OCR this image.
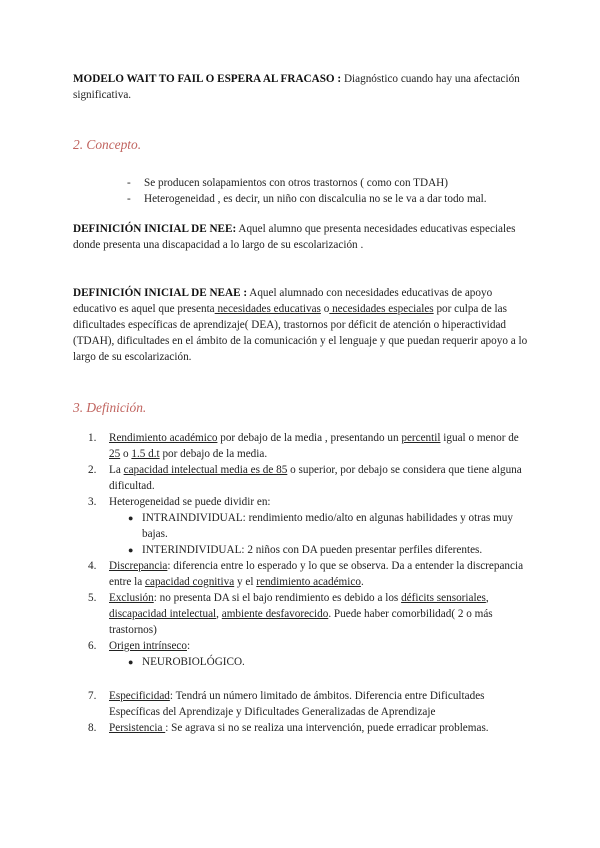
MODELO WAIT TO FAIL O ESPERA AL FRACASO : Diagnóstico cuando hay una afectación significativa.
2. Concepto.
- Se producen solapamientos con otros trastornos ( como con TDAH)
- Heterogeneidad , es decir, un niño con discalculia no se le va a dar todo mal.
DEFINICIÓN INICIAL DE NEE: Aquel alumno que presenta necesidades educativas especiales donde presenta una discapacidad a lo largo de su escolarización .
DEFINICIÓN INICIAL DE NEAE : Aquel alumnado con necesidades educativas de apoyo educativo es aquel que presenta necesidades educativas o necesidades especiales por culpa de las dificultades específicas de aprendizaje( DEA), trastornos por déficit de atención o hiperactividad (TDAH), dificultades en el ámbito de la comunicación y el lenguaje y que puedan requerir apoyo a lo largo de su escolarización.
3. Definición.
1. Rendimiento académico por debajo de la media , presentando un percentil igual o menor de 25 o 1.5 d.t por debajo de la media.
2. La capacidad intelectual media es de 85 o superior, por debajo se considera que tiene alguna dificultad.
3. Heterogeneidad se puede dividir en:
● INTRAINDIVIDUAL: rendimiento medio/alto en algunas habilidades y otras muy bajas.
● INTERINDIVIDUAL: 2 niños con DA pueden presentar perfiles diferentes.
4. Discrepancia: diferencia entre lo esperado y lo que se observa. Da a entender la discrepancia entre la capacidad cognitiva y el rendimiento académico.
5. Exclusión: no presenta DA si el bajo rendimiento es debido a los déficits sensoriales, discapacidad intelectual, ambiente desfavorecido. Puede haber comorbilidad( 2 o más trastornos)
6. Origen intrínseco:
● NEUROBIOLÓGICO.
7. Especificidad: Tendrá un número limitado de ámbitos. Diferencia entre Dificultades Específicas del Aprendizaje y Dificultades Generalizadas de Aprendizaje
8. Persistencia : Se agrava si no se realiza una intervención, puede erradicar problemas.
